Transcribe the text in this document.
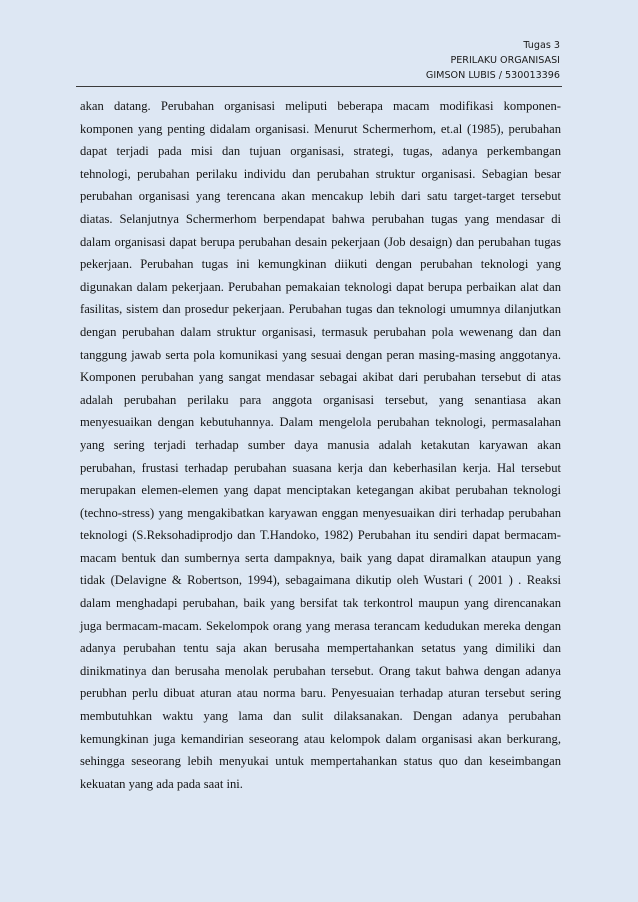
Tugas 3
PERILAKU ORGANISASI
GIMSON LUBIS / 530013396
akan datang. Perubahan organisasi meliputi beberapa macam modifikasi komponen-
komponen yang penting didalam organisasi. Menurut Schermerhom, et.al (1985), perubahan
dapat terjadi pada misi dan tujuan organisasi, strategi, tugas, adanya perkembangan
tehnologi, perubahan perilaku individu dan perubahan struktur organisasi. Sebagian besar
perubahan organisasi yang terencana akan mencakup lebih dari satu target-target tersebut
diatas. Selanjutnya Schermerhom berpendapat bahwa perubahan tugas yang mendasar di
dalam organisasi dapat berupa perubahan desain pekerjaan (Job desaign) dan perubahan tugas
pekerjaan. Perubahan tugas ini kemungkinan diikuti dengan perubahan teknologi yang
digunakan dalam pekerjaan. Perubahan pemakaian teknologi dapat berupa perbaikan alat dan
fasilitas, sistem dan prosedur pekerjaan. Perubahan tugas dan teknologi umumnya dilanjutkan
dengan perubahan dalam struktur organisasi, termasuk perubahan pola wewenang dan dan
tanggung jawab serta pola komunikasi yang sesuai dengan peran masing-masing anggotanya.
Komponen perubahan yang sangat mendasar sebagai akibat dari perubahan tersebut di atas
adalah perubahan perilaku para anggota organisasi tersebut, yang senantiasa akan
menyesuaikan dengan kebutuhannya. Dalam mengelola perubahan teknologi, permasalahan
yang sering terjadi terhadap sumber daya manusia adalah ketakutan karyawan akan
perubahan, frustasi terhadap perubahan suasana kerja dan keberhasilan kerja. Hal tersebut
merupakan elemen-elemen yang dapat menciptakan ketegangan akibat perubahan teknologi
(techno-stress) yang mengakibatkan karyawan enggan menyesuaikan diri terhadap perubahan
teknologi (S.Reksohadiprodjo dan T.Handoko, 1982) Perubahan itu sendiri dapat bermacam-
macam bentuk dan sumbernya serta dampaknya, baik yang dapat diramalkan ataupun yang
tidak (Delavigne & Robertson, 1994), sebagaimana dikutip oleh Wustari ( 2001 ) . Reaksi
dalam menghadapi perubahan, baik yang bersifat tak terkontrol maupun yang direncanakan
juga bermacam-macam. Sekelompok orang yang merasa terancam kedudukan mereka dengan
adanya perubahan tentu saja akan berusaha mempertahankan setatus yang dimiliki dan
dinikmatinya dan berusaha menolak perubahan tersebut. Orang takut bahwa dengan adanya
perubhan perlu dibuat aturan atau norma baru. Penyesuaian terhadap aturan tersebut sering
membutuhkan waktu yang lama dan sulit dilaksanakan. Dengan adanya perubahan
kemungkinan juga kemandirian seseorang atau kelompok dalam organisasi akan berkurang,
sehingga seseorang lebih menyukai untuk mempertahankan status quo dan keseimbangan
kekuatan yang ada pada saat ini.
